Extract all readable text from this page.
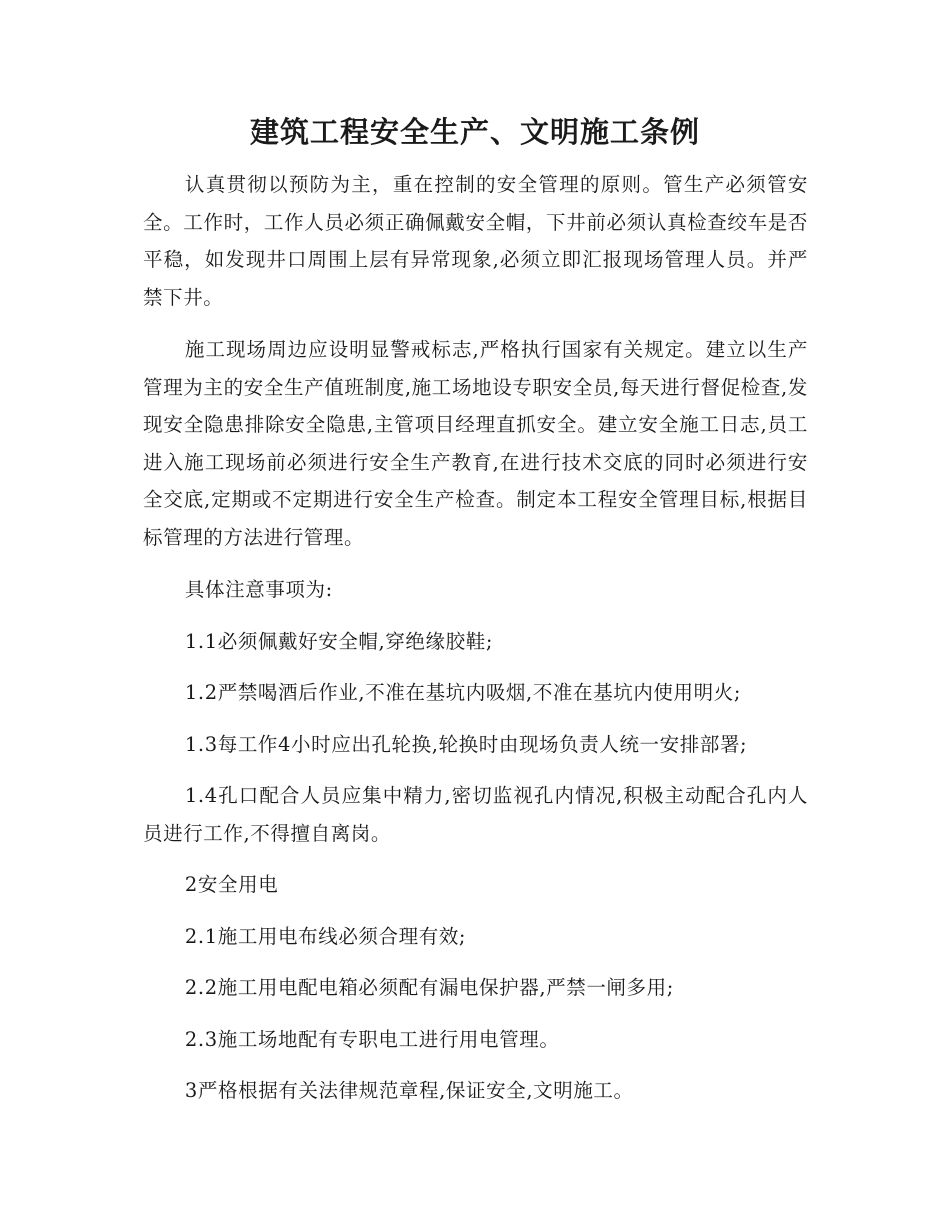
建筑工程安全生产、文明施工条例

认真贯彻以预防为主，重在控制的安全管理的原则。管生产必须管安全。工作时，工作人员必须正确佩戴安全帽，下井前必须认真检查绞车是否平稳，如发现井口周围上层有异常现象,必须立即汇报现场管理人员。并严禁下井。

施工现场周边应设明显警戒标志,严格执行国家有关规定。建立以生产管理为主的安全生产值班制度,施工场地设专职安全员,每天进行督促检查,发现安全隐患排除安全隐患,主管项目经理直抓安全。建立安全施工日志,员工进入施工现场前必须进行安全生产教育,在进行技术交底的同时必须进行安全交底,定期或不定期进行安全生产检查。制定本工程安全管理目标,根据目标管理的方法进行管理。

具体注意事项为:

1.1必须佩戴好安全帽,穿绝缘胶鞋;

1.2严禁喝酒后作业,不准在基坑内吸烟,不准在基坑内使用明火;

1.3每工作4小时应出孔轮换,轮换时由现场负责人统一安排部署;

1.4孔口配合人员应集中精力,密切监视孔内情况,积极主动配合孔内人员进行工作,不得擅自离岗。

2安全用电

2.1施工用电布线必须合理有效;

2.2施工用电配电箱必须配有漏电保护器,严禁一闸多用;

2.3施工场地配有专职电工进行用电管理。

3严格根据有关法律规范章程,保证安全,文明施工。
